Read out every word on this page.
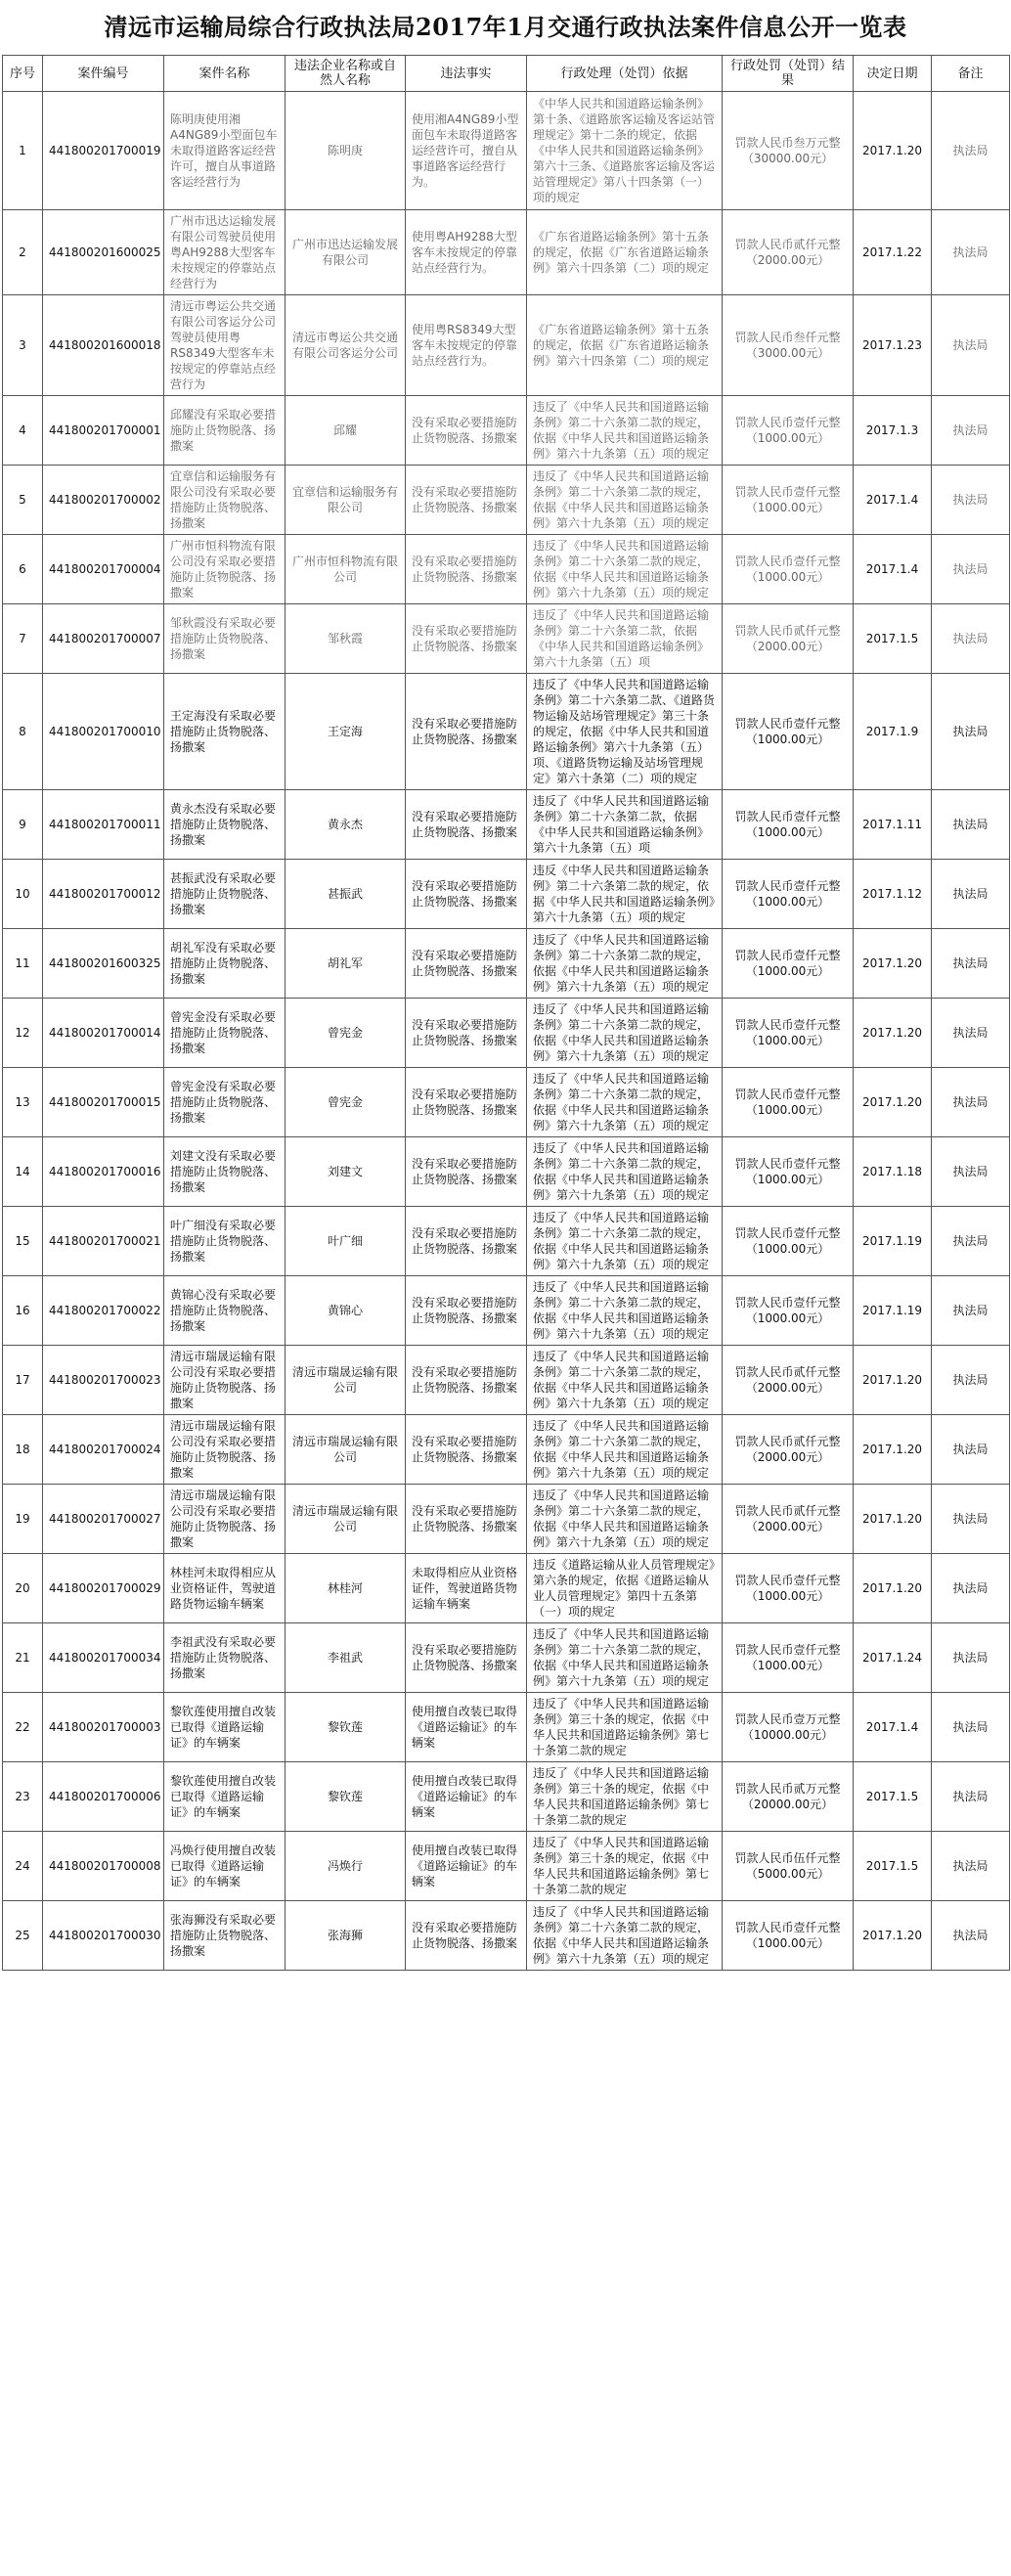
清远市运输局综合行政执法局2017年1月交通行政执法案件信息公开一览表
序号	案件编号	案件名称	违法企业名称或自然人名称	违法事实	行政处理（处罚）依据	行政处罚（处罚）结果	决定日期	备注
1	441800201700019	陈明庚使用湘A4NG89小型面包车未取得道路客运经营许可，擅自从事道路客运经营行为	陈明庚	使用湘A4NG89小型面包车未取得道路客运经营许可，擅自从事道路客运经营行为。	《中华人民共和国道路运输条例》第十条、《道路旅客运输及客运站管理规定》第十二条的规定，依据《中华人民共和国道路运输条例》第六十三条、《道路旅客运输及客运站管理规定》第八十四条第（一）项的规定	罚款人民币叁万元整（30000.00元）	2017.1.20	执法局
2	441800201600025	广州市迅达运输发展有限公司驾驶员使用粤AH9288大型客车未按规定的停靠站点经营行为	广州市迅达运输发展有限公司	使用粤AH9288大型客车未按规定的停靠站点经营行为。	《广东省道路运输条例》第十五条的规定，依据《广东省道路运输条例》第六十四条第（二）项的规定	罚款人民币贰仟元整（2000.00元）	2017.1.22	执法局
3	441800201600018	清远市粤运公共交通有限公司客运分公司驾驶员使用粤RS8349大型客车未按规定的停靠站点经营行为	清远市粤运公共交通有限公司客运分公司	使用粤RS8349大型客车未按规定的停靠站点经营行为。	《广东省道路运输条例》第十五条的规定，依据《广东省道路运输条例》第六十四条第（二）项的规定	罚款人民币叁仟元整（3000.00元）	2017.1.23	执法局
4	441800201700001	邱耀没有采取必要措施防止货物脱落、扬撒案	邱耀	没有采取必要措施防止货物脱落、扬撒案	违反了《中华人民共和国道路运输条例》第二十六条第二款的规定，依据《中华人民共和国道路运输条例》第六十九条第（五）项的规定	罚款人民币壹仟元整（1000.00元）	2017.1.3	执法局
5	441800201700002	宜章信和运输服务有限公司没有采取必要措施防止货物脱落、扬撒案	宜章信和运输服务有限公司	没有采取必要措施防止货物脱落、扬撒案	违反了《中华人民共和国道路运输条例》第二十六条第二款的规定，依据《中华人民共和国道路运输条例》第六十九条第（五）项的规定	罚款人民币壹仟元整（1000.00元）	2017.1.4	执法局
6	441800201700004	广州市恒科物流有限公司没有采取必要措施防止货物脱落、扬撒案	广州市恒科物流有限公司	没有采取必要措施防止货物脱落、扬撒案	违反了《中华人民共和国道路运输条例》第二十六条第二款的规定，依据《中华人民共和国道路运输条例》第六十九条第（五）项的规定	罚款人民币壹仟元整（1000.00元）	2017.1.4	执法局
7	441800201700007	邹秋霞没有采取必要措施防止货物脱落、扬撒案	邹秋霞	没有采取必要措施防止货物脱落、扬撒案	违反了《中华人民共和国道路运输条例》第二十六条第二款，依据《中华人民共和国道路运输条例》第六十九条第（五）项	罚款人民币贰仟元整（2000.00元）	2017.1.5	执法局
8	441800201700010	王定海没有采取必要措施防止货物脱落、扬撒案	王定海	没有采取必要措施防止货物脱落、扬撒案	违反了《中华人民共和国道路运输条例》第二十六条第二款、《道路货物运输及站场管理规定》第三十条的规定，依据《中华人民共和国道路运输条例》第六十九条第（五）项、《道路货物运输及站场管理规定》第六十条第（二）项的规定	罚款人民币壹仟元整（1000.00元）	2017.1.9	执法局
9	441800201700011	黄永杰没有采取必要措施防止货物脱落、扬撒案	黄永杰	没有采取必要措施防止货物脱落、扬撒案	违反了《中华人民共和国道路运输条例》第二十六条第二款，依据《中华人民共和国道路运输条例》第六十九条第（五）项	罚款人民币壹仟元整（1000.00元）	2017.1.11	执法局
10	441800201700012	甚振武没有采取必要措施防止货物脱落、扬撒案	甚振武	没有采取必要措施防止货物脱落、扬撒案	违反《中华人民共和国道路运输条例》第二十六条第二款的规定，依据《中华人民共和国道路运输条例》第六十九条第（五）项的规定	罚款人民币壹仟元整（1000.00元）	2017.1.12	执法局
11	441800201600325	胡礼军没有采取必要措施防止货物脱落、扬撒案	胡礼军	没有采取必要措施防止货物脱落、扬撒案	违反了《中华人民共和国道路运输条例》第二十六条第二款的规定，依据《中华人民共和国道路运输条例》第六十九条第（五）项的规定	罚款人民币壹仟元整（1000.00元）	2017.1.20	执法局
12	441800201700014	曾宪金没有采取必要措施防止货物脱落、扬撒案	曾宪金	没有采取必要措施防止货物脱落、扬撒案	违反了《中华人民共和国道路运输条例》第二十六条第二款的规定，依据《中华人民共和国道路运输条例》第六十九条第（五）项的规定	罚款人民币壹仟元整（1000.00元）	2017.1.20	执法局
13	441800201700015	曾宪金没有采取必要措施防止货物脱落、扬撒案	曾宪金	没有采取必要措施防止货物脱落、扬撒案	违反了《中华人民共和国道路运输条例》第二十六条第二款的规定，依据《中华人民共和国道路运输条例》第六十九条第（五）项的规定	罚款人民币壹仟元整（1000.00元）	2017.1.20	执法局
14	441800201700016	刘建文没有采取必要措施防止货物脱落、扬撒案	刘建文	没有采取必要措施防止货物脱落、扬撒案	违反了《中华人民共和国道路运输条例》第二十六条第二款的规定，依据《中华人民共和国道路运输条例》第六十九条第（五）项的规定	罚款人民币壹仟元整（1000.00元）	2017.1.18	执法局
15	441800201700021	叶广细没有采取必要措施防止货物脱落、扬撒案	叶广细	没有采取必要措施防止货物脱落、扬撒案	违反了《中华人民共和国道路运输条例》第二十六条第二款的规定，依据《中华人民共和国道路运输条例》第六十九条第（五）项的规定	罚款人民币壹仟元整（1000.00元）	2017.1.19	执法局
16	441800201700022	黄锦心没有采取必要措施防止货物脱落、扬撒案	黄锦心	没有采取必要措施防止货物脱落、扬撒案	违反了《中华人民共和国道路运输条例》第二十六条第二款的规定，依据《中华人民共和国道路运输条例》第六十九条第（五）项的规定	罚款人民币壹仟元整（1000.00元）	2017.1.19	执法局
17	441800201700023	清远市瑞晟运输有限公司没有采取必要措施防止货物脱落、扬撒案	清远市瑞晟运输有限公司	没有采取必要措施防止货物脱落、扬撒案	违反了《中华人民共和国道路运输条例》第二十六条第二款的规定，依据《中华人民共和国道路运输条例》第六十九条第（五）项的规定	罚款人民币贰仟元整（2000.00元）	2017.1.20	执法局
18	441800201700024	清远市瑞晟运输有限公司没有采取必要措施防止货物脱落、扬撒案	清远市瑞晟运输有限公司	没有采取必要措施防止货物脱落、扬撒案	违反了《中华人民共和国道路运输条例》第二十六条第二款的规定，依据《中华人民共和国道路运输条例》第六十九条第（五）项的规定	罚款人民币贰仟元整（2000.00元）	2017.1.20	执法局
19	441800201700027	清远市瑞晟运输有限公司没有采取必要措施防止货物脱落、扬撒案	清远市瑞晟运输有限公司	没有采取必要措施防止货物脱落、扬撒案	违反了《中华人民共和国道路运输条例》第二十六条第二款的规定，依据《中华人民共和国道路运输条例》第六十九条第（五）项的规定	罚款人民币贰仟元整（2000.00元）	2017.1.20	执法局
20	441800201700029	林桂河未取得相应从业资格证件，驾驶道路货物运输车辆案	林桂河	未取得相应从业资格证件，驾驶道路货物运输车辆案	违反《道路运输从业人员管理规定》第六条的规定，依据《道路运输从业人员管理规定》第四十五条第（一）项的规定	罚款人民币壹仟元整（1000.00元）	2017.1.20	执法局
21	441800201700034	李祖武没有采取必要措施防止货物脱落、扬撒案	李祖武	没有采取必要措施防止货物脱落、扬撒案	违反了《中华人民共和国道路运输条例》第二十六条第二款的规定，依据《中华人民共和国道路运输条例》第六十九条第（五）项的规定	罚款人民币壹仟元整（1000.00元）	2017.1.24	执法局
22	441800201700003	黎钦莲使用擅自改装已取得《道路运输证》的车辆案	黎钦莲	使用擅自改装已取得《道路运输证》的车辆案	违反了《中华人民共和国道路运输条例》第三十条的规定，依据《中华人民共和国道路运输条例》第七十条第二款的规定	罚款人民币壹万元整（10000.00元）	2017.1.4	执法局
23	441800201700006	黎钦莲使用擅自改装已取得《道路运输证》的车辆案	黎钦莲	使用擅自改装已取得《道路运输证》的车辆案	违反了《中华人民共和国道路运输条例》第三十条的规定，依据《中华人民共和国道路运输条例》第七十条第二款的规定	罚款人民币贰万元整（20000.00元）	2017.1.5	执法局
24	441800201700008	冯焕行使用擅自改装已取得《道路运输证》的车辆案	冯焕行	使用擅自改装已取得《道路运输证》的车辆案	违反了《中华人民共和国道路运输条例》第三十条的规定，依据《中华人民共和国道路运输条例》第七十条第二款的规定	罚款人民币伍仟元整（5000.00元）	2017.1.5	执法局
25	441800201700030	张海狮没有采取必要措施防止货物脱落、扬撒案	张海狮	没有采取必要措施防止货物脱落、扬撒案	违反了《中华人民共和国道路运输条例》第二十六条第二款的规定，依据《中华人民共和国道路运输条例》第六十九条第（五）项的规定	罚款人民币壹仟元整（1000.00元）	2017.1.20	执法局
